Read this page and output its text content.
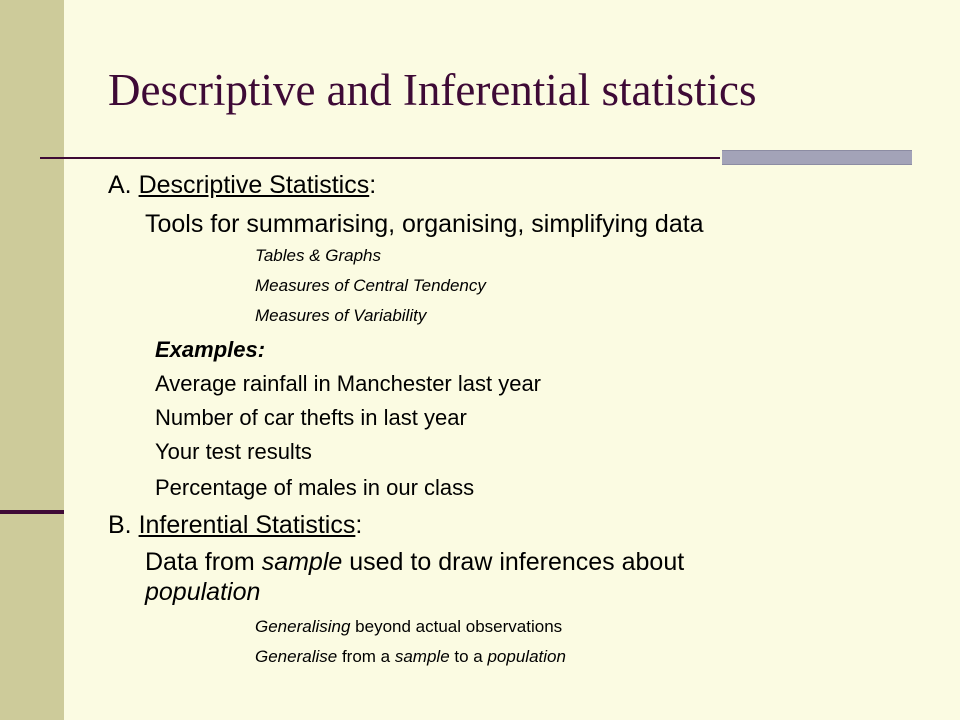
Descriptive and Inferential statistics
A. Descriptive Statistics:
Tools for summarising, organising, simplifying data
Tables & Graphs
Measures of Central Tendency
Measures of Variability
Examples:
Average rainfall in Manchester last year
Number of car thefts in last year
Your test results
Percentage of males in our class
B. Inferential Statistics:
Data from sample used to draw inferences about
population
Generalising beyond actual observations
Generalise from a sample to a population
